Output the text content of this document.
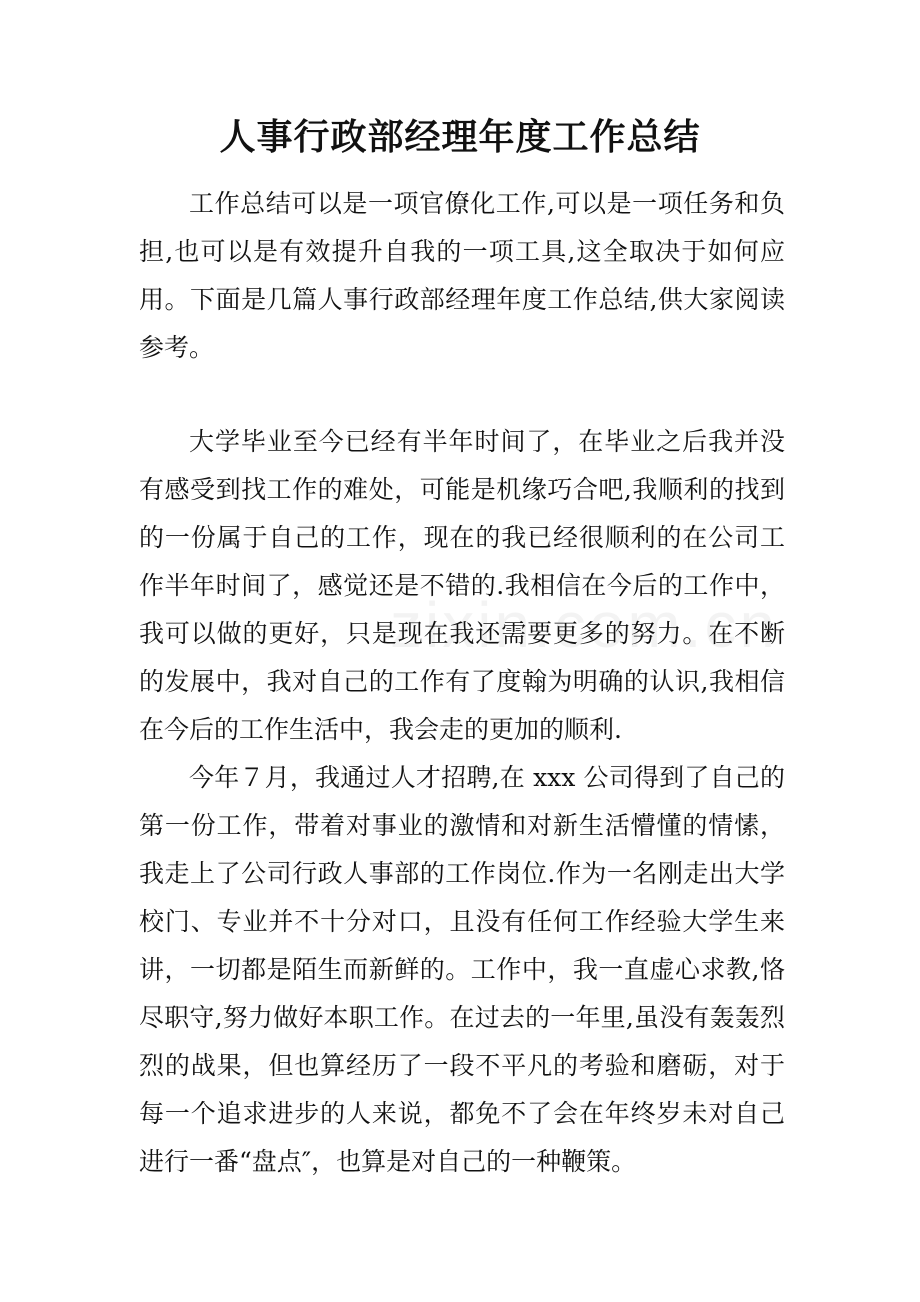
人事行政部经理年度工作总结

工作总结可以是一项官僚化工作,可以是一项任务和负担,也可以是有效提升自我的一项工具,这全取决于如何应用。下面是几篇人事行政部经理年度工作总结,供大家阅读参考。

大学毕业至今已经有半年时间了，在毕业之后我并没有感受到找工作的难处，可能是机缘巧合吧,我顺利的找到的一份属于自己的工作，现在的我已经很顺利的在公司工作半年时间了，感觉还是不错的.我相信在今后的工作中，我可以做的更好，只是现在我还需要更多的努力。在不断的发展中，我对自己的工作有了度翰为明确的认识,我相信在今后的工作生活中，我会走的更加的顺利.

今年７月，我通过人才招聘,在 xxx 公司得到了自己的第一份工作，带着对事业的激情和对新生活懵懂的情愫，我走上了公司行政人事部的工作岗位.作为一名刚走出大学校门、专业并不十分对口，且没有任何工作经验大学生来讲，一切都是陌生而新鲜的。工作中，我一直虚心求教,恪尽职守,努力做好本职工作。在过去的一年里,虽没有轰轰烈烈的战果，但也算经历了一段不平凡的考验和磨砺，对于每一个追求进步的人来说，都免不了会在年终岁未对自己进行一番“盘点″，也算是对自己的一种鞭策。
